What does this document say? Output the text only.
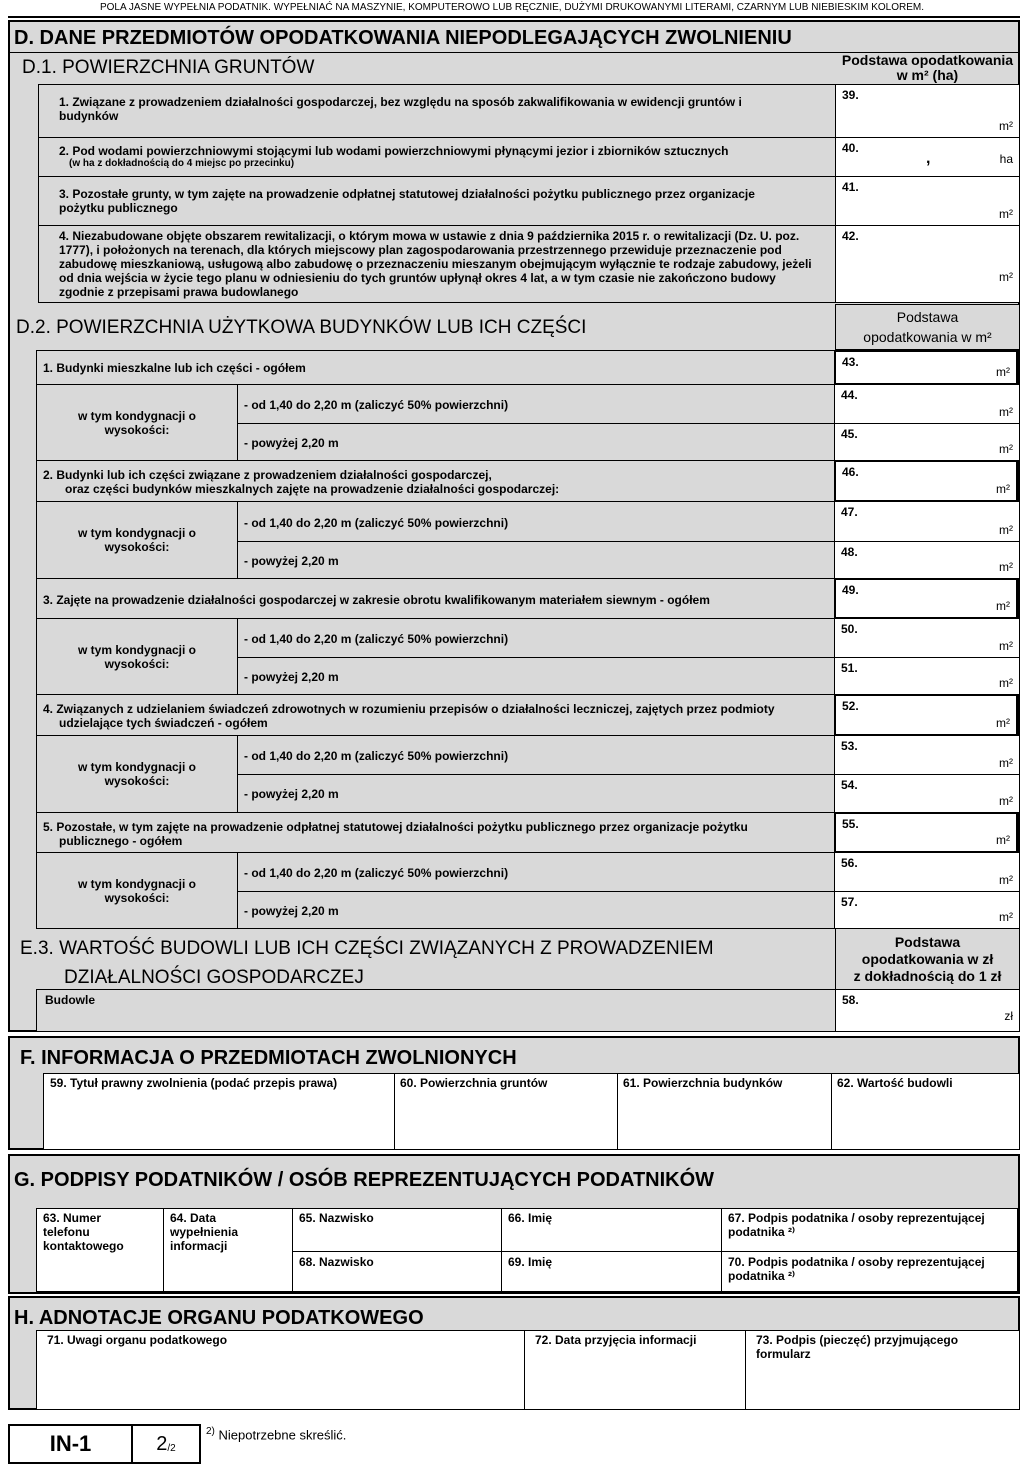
POLA JASNE WYPEŁNIA PODATNIK. WYPEŁNIAĆ NA MASZYNIE, KOMPUTEROWO LUB RĘCZNIE, DUŻYMI DRUKOWANYMI LITERAMI, CZARNYM LUB NIEBIESKIM KOLOREM.
D. DANE PRZEDMIOTÓW OPODATKOWANIA NIEPODLEGAJĄCYCH ZWOLNIENIU
D.1. POWIERZCHNIA GRUNTÓW	Podstawa opodatkowania
w m² (ha)
1. Związane z prowadzeniem działalności gospodarczej, bez względu na sposób zakwalifikowania w ewidencji gruntów i budynków
39.
m²
2. Pod wodami powierzchniowymi stojącymi lub wodami powierzchniowymi płynącymi jezior i zbiorników sztucznych
(w ha z dokładnością do 4 miejsc po przecinku)
40.
,	ha
3. Pozostałe grunty, w tym zajęte na prowadzenie odpłatnej statutowej działalności pożytku publicznego przez organizacje pożytku publicznego
41.
m²
4. Niezabudowane objęte obszarem rewitalizacji, o którym mowa w ustawie z dnia 9 października 2015 r. o rewitalizacji (Dz. U. poz. 1777), i położonych na terenach, dla których miejscowy plan zagospodarowania przestrzennego przewiduje przeznaczenie pod zabudowę mieszkaniową, usługową albo zabudowę o przeznaczeniu mieszanym obejmującym wyłącznie te rodzaje zabudowy, jeżeli od dnia wejścia w życie tego planu w odniesieniu do tych gruntów upłynął okres 4 lat, a w tym czasie nie zakończono budowy zgodnie z przepisami prawa budowlanego
42.
m²
D.2. POWIERZCHNIA UŻYTKOWA BUDYNKÓW LUB ICH CZĘŚCI	Podstawa
opodatkowania w m²
1. Budynki mieszkalne lub ich części - ogółem	43.
m²
w tym kondygnacji o wysokości:
- od 1,40 do 2,20 m (zaliczyć 50% powierzchni)
44.
m²
- powyżej 2,20 m
45.
m²
2. Budynki lub ich części związane z prowadzeniem działalności gospodarczej,
oraz części budynków mieszkalnych zajęte na prowadzenie działalności gospodarczej:
46.
m²
w tym kondygnacji o wysokości:
- od 1,40 do 2,20 m (zaliczyć 50% powierzchni)
47.
m²
- powyżej 2,20 m
48.
m²
3. Zajęte na prowadzenie działalności gospodarczej w zakresie obrotu kwalifikowanym materiałem siewnym - ogółem
49.
m²
w tym kondygnacji o wysokości:
- od 1,40 do 2,20 m (zaliczyć 50% powierzchni)
50.
m²
- powyżej 2,20 m
51.
m²
4. Związanych z udzielaniem świadczeń zdrowotnych w rozumieniu przepisów o działalności leczniczej, zajętych przez podmioty
udzielające tych świadczeń - ogółem
52.
m²
w tym kondygnacji o wysokości:
- od 1,40 do 2,20 m (zaliczyć 50% powierzchni)
53.
m²
- powyżej 2,20 m
54.
m²
5. Pozostałe, w tym zajęte na prowadzenie odpłatnej statutowej działalności pożytku publicznego przez organizacje pożytku
publicznego - ogółem
55.
m²
w tym kondygnacji o wysokości:
- od 1,40 do 2,20 m (zaliczyć 50% powierzchni)
56.
m²
- powyżej 2,20 m
57.
m²
E.3. WARTOŚĆ BUDOWLI LUB ICH CZĘŚCI ZWIĄZANYCH Z PROWADZENIEM
DZIAŁALNOŚCI GOSPODARCZEJ
Podstawa
opodatkowania w zł
z dokładnością do 1 zł
Budowle	58.
zł
F. INFORMACJA O PRZEDMIOTACH ZWOLNIONYCH
59. Tytuł prawny zwolnienia (podać przepis prawa)	60. Powierzchnia gruntów	61. Powierzchnia budynków	62. Wartość budowli
G. PODPISY PODATNIKÓW / OSÓB REPREZENTUJĄCYCH PODATNIKÓW
63. Numer telefonu kontaktowego
64. Data wypełnienia informacji
65. Nazwisko	66. Imię	67. Podpis podatnika / osoby reprezentującej podatnika ²⁾
68. Nazwisko	69. Imię	70. Podpis podatnika / osoby reprezentującej podatnika ²⁾
H. ADNOTACJE ORGANU PODATKOWEGO
71. Uwagi organu podatkowego	72. Data przyjęcia informacji	73. Podpis (pieczęć) przyjmującego formularz
IN-1	2 /2
$^{2)}$ Niepotrzebne skreślić.
